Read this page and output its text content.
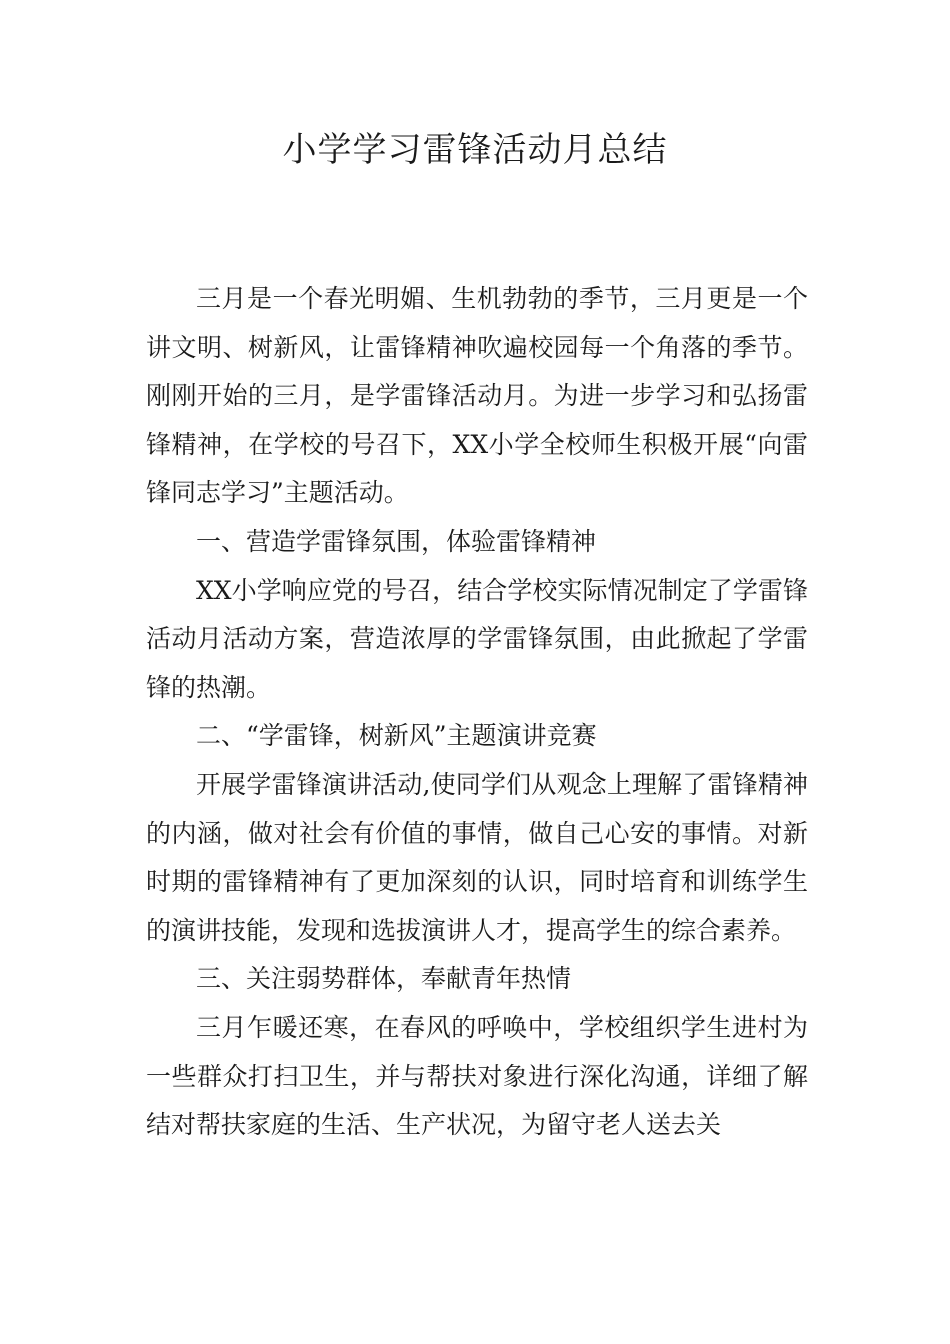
小学学习雷锋活动月总结

三月是一个春光明媚、生机勃勃的季节，三月更是一个讲文明、树新风，让雷锋精神吹遍校园每一个角落的季节。刚刚开始的三月，是学雷锋活动月。为进一步学习和弘扬雷锋精神，在学校的号召下，XX小学全校师生积极开展“向雷锋同志学习”主题活动。

一、营造学雷锋氛围，体验雷锋精神

XX小学响应党的号召，结合学校实际情况制定了学雷锋活动月活动方案，营造浓厚的学雷锋氛围，由此掀起了学雷锋的热潮。

二、“学雷锋，树新风”主题演讲竞赛

开展学雷锋演讲活动,使同学们从观念上理解了雷锋精神的内涵，做对社会有价值的事情，做自己心安的事情。对新时期的雷锋精神有了更加深刻的认识，同时培育和训练学生的演讲技能，发现和选拔演讲人才，提高学生的综合素养。

三、关注弱势群体，奉献青年热情

三月乍暖还寒，在春风的呼唤中，学校组织学生进村为一些群众打扫卫生，并与帮扶对象进行深化沟通，详细了解结对帮扶家庭的生活、生产状况，为留守老人送去关
